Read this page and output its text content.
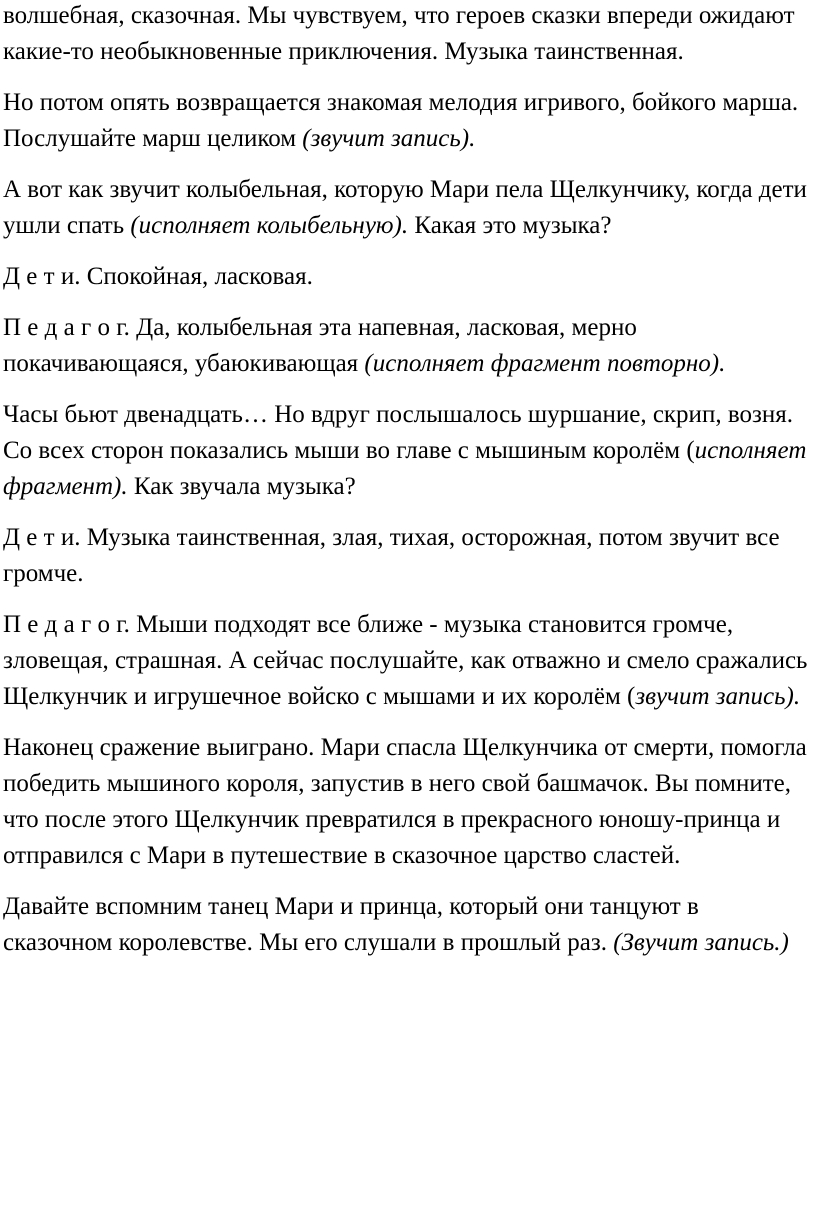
волшебная, сказочная. Мы чувствуем, что героев сказки впереди ожидают какие-то необыкновенные приключения. Музыка таинственная.

Но потом опять возвращается знакомая мелодия игривого, бойкого марша. Послушайте марш целиком (звучит запись).

А вот как звучит колыбельная, которую Мари пела Щелкунчику, когда дети ушли спать (исполняет колыбельную). Какая это музыка?

Д е т и. Спокойная, ласковая.

П е д а г о г. Да, колыбельная эта напевная, ласковая, мерно покачивающаяся, убаюкивающая (исполняет фрагмент повторно).

Часы бьют двенадцать… Но вдруг послышалось шуршание, скрип, возня. Со всех сторон показались мыши во главе с мышиным королём (исполняет фрагмент). Как звучала музыка?

Д е т и. Музыка таинственная, злая, тихая, осторожная, потом звучит все громче.

П е д а г о г. Мыши подходят все ближе - музыка становится громче, зловещая, страшная. А сейчас послушайте, как отважно и смело сражались Щелкунчик и игрушечное войско с мышами и их королём (звучит запись).

Наконец сражение выиграно. Мари спасла Щелкунчика от смерти, помогла победить мышиного короля, запустив в него свой башмачок. Вы помните, что после этого Щелкунчик превратился в прекрасного юношу-принца и отправился с Мари в путешествие в сказочное царство сластей.

Давайте вспомним танец Мари и принца, который они танцуют в сказочном королевстве. Мы его слушали в прошлый раз. (Звучит запись.)
